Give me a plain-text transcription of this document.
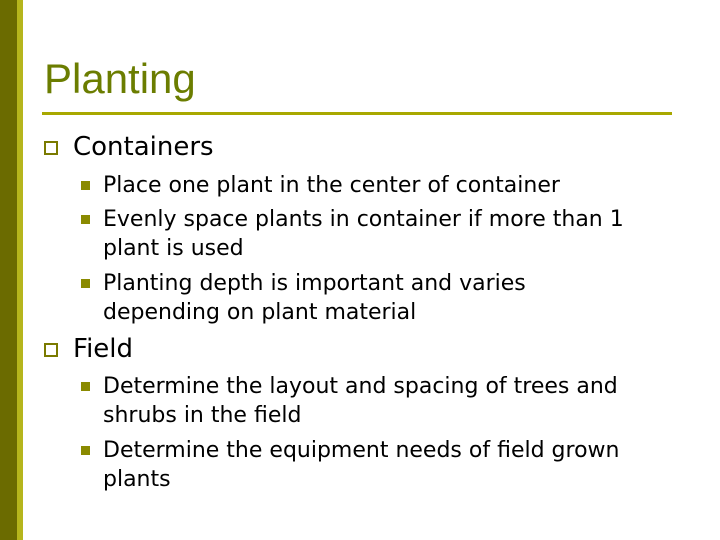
Planting
Containers
Place one plant in the center of container
Evenly space plants in container if more than 1 plant is used
Planting depth is important and varies depending on plant material
Field
Determine the layout and spacing of trees and shrubs in the field
Determine the equipment needs of field grown plants
